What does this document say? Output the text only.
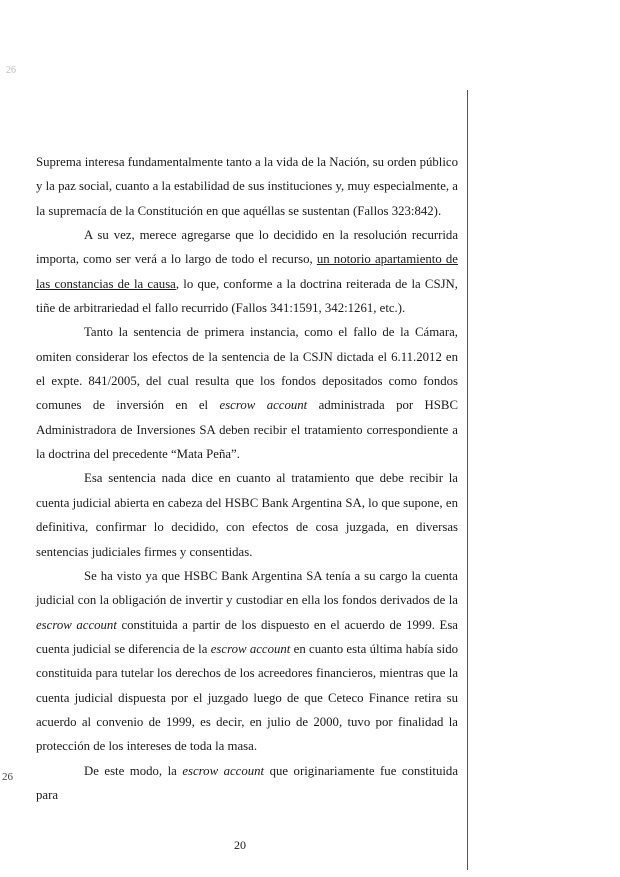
26

Suprema interesa fundamentalmente tanto a la vida de la Nación, su orden público y la paz social, cuanto a la estabilidad de sus instituciones y, muy especialmente, a la supremacía de la Constitución en que aquéllas se sustentan (Fallos 323:842).

A su vez, merece agregarse que lo decidido en la resolución recurrida importa, como ser verá a lo largo de todo el recurso, un notorio apartamiento de las constancias de la causa, lo que, conforme a la doctrina reiterada de la CSJN, tiñe de arbitrariedad el fallo recurrido (Fallos 341:1591, 342:1261, etc.).

Tanto la sentencia de primera instancia, como el fallo de la Cámara, omiten considerar los efectos de la sentencia de la CSJN dictada el 6.11.2012 en el expte. 841/2005, del cual resulta que los fondos depositados como fondos comunes de inversión en el escrow account administrada por HSBC Administradora de Inversiones SA deben recibir el tratamiento correspondiente a la doctrina del precedente “Mata Peña”.

Esa sentencia nada dice en cuanto al tratamiento que debe recibir la cuenta judicial abierta en cabeza del HSBC Bank Argentina SA, lo que supone, en definitiva, confirmar lo decidido, con efectos de cosa juzgada, en diversas sentencias judiciales firmes y consentidas.

Se ha visto ya que HSBC Bank Argentina SA tenía a su cargo la cuenta judicial con la obligación de invertir y custodiar en ella los fondos derivados de la escrow account constituida a partir de los dispuesto en el acuerdo de 1999. Esa cuenta judicial se diferencia de la escrow account en cuanto esta última había sido constituida para tutelar los derechos de los acreedores financieros, mientras que la cuenta judicial dispuesta por el juzgado luego de que Ceteco Finance retira su acuerdo al convenio de 1999, es decir, en julio de 2000, tuvo por finalidad la protección de los intereses de toda la masa.

De este modo, la escrow account que originariamente fue constituida para

26
20
